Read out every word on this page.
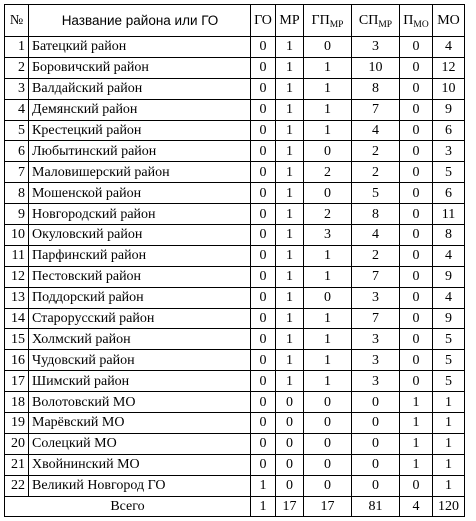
№	Название района или ГО	ГО	МР	$ГП_{МР}$	$СП_{МР}$	$П_{МО}$	МО
1	Батецкий район	0	1	0	3	0	4
2	Боровичский район	0	1	1	10	0	12
3	Валдайский район	0	1	1	8	0	10
4	Демянский район	0	1	1	7	0	9
5	Крестецкий район	0	1	1	4	0	6
6	Любытинский район	0	1	0	2	0	3
7	Маловишерский район	0	1	2	2	0	5
8	Мошенской район	0	1	0	5	0	6
9	Новгородский район	0	1	2	8	0	11
10	Окуловский район	0	1	3	4	0	8
11	Парфинский район	0	1	1	2	0	4
12	Пестовский район	0	1	1	7	0	9
13	Поддорский район	0	1	0	3	0	4
14	Старорусский район	0	1	1	7	0	9
15	Холмский район	0	1	1	3	0	5
16	Чудовский район	0	1	1	3	0	5
17	Шимский район	0	1	1	3	0	5
18	Волотовский МО	0	0	0	0	1	1
19	Марёвский МО	0	0	0	0	1	1
20	Солецкий МО	0	0	0	0	1	1
21	Хвойнинский МО	0	0	0	0	1	1
22	Великий Новгород ГО	1	0	0	0	0	1
Всего		1	17	17	81	4	120
